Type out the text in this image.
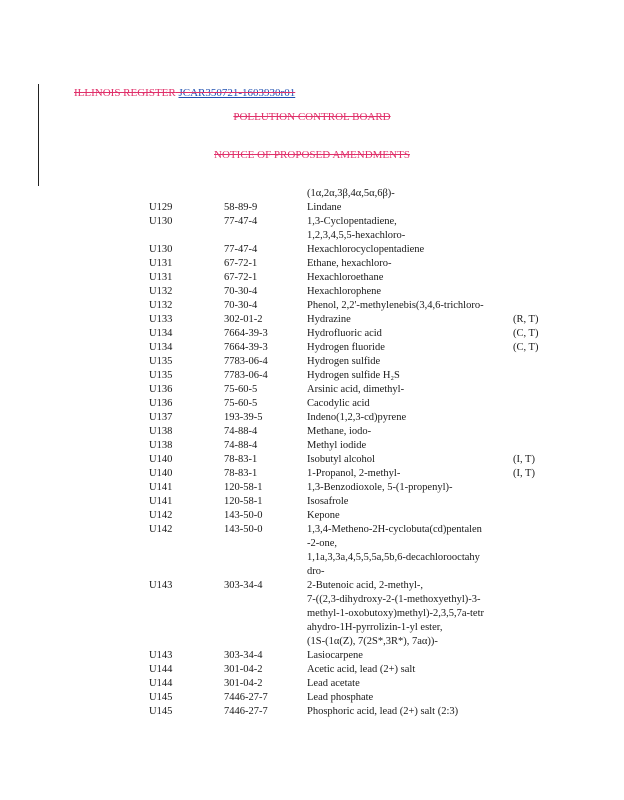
ILLINOIS REGISTER JCAR350721-1603930r01
POLLUTION CONTROL BOARD
NOTICE OF PROPOSED AMENDMENTS
(1α,2α,3β,4α,5α,6β)-
U129	58-89-9	Lindane
U130	77-47-4	1,3-Cyclopentadiene,
1,2,3,4,5,5-hexachloro-
U130	77-47-4	Hexachlorocyclopentadiene
U131	67-72-1	Ethane, hexachloro-
U131	67-72-1	Hexachloroethane
U132	70-30-4	Hexachlorophene
U132	70-30-4	Phenol, 2,2'-methylenebis(3,4,6-trichloro-
U133	302-01-2	Hydrazine	(R, T)
U134	7664-39-3	Hydrofluoric acid	(C, T)
U134	7664-39-3	Hydrogen fluoride	(C, T)
U135	7783-06-4	Hydrogen sulfide
U135	7783-06-4	Hydrogen sulfide H₂S
U136	75-60-5	Arsinic acid, dimethyl-
U136	75-60-5	Cacodylic acid
U137	193-39-5	Indeno(1,2,3-cd)pyrene
U138	74-88-4	Methane, iodo-
U138	74-88-4	Methyl iodide
U140	78-83-1	Isobutyl alcohol	(I, T)
U140	78-83-1	1-Propanol, 2-methyl-	(I, T)
U141	120-58-1	1,3-Benzodioxole, 5-(1-propenyl)-
U141	120-58-1	Isosafrole
U142	143-50-0	Kepone
U142	143-50-0	1,3,4-Metheno-2H-cyclobuta(cd)pentalen
-2-one,
1,1a,3,3a,4,5,5,5a,5b,6-decachlorooctahy
dro-
U143	303-34-4	2-Butenoic acid, 2-methyl-,
7-((2,3-dihydroxy-2-(1-methoxyethyl)-3-
methyl-1-oxobutoxy)methyl)-2,3,5,7a-tetr
ahydro-1H-pyrrolizin-1-yl ester,
(1S-(1α(Z), 7(2S*,3R*), 7aα))-
U143	303-34-4	Lasiocarpene
U144	301-04-2	Acetic acid, lead (2+) salt
U144	301-04-2	Lead acetate
U145	7446-27-7	Lead phosphate
U145	7446-27-7	Phosphoric acid, lead (2+) salt (2:3)
